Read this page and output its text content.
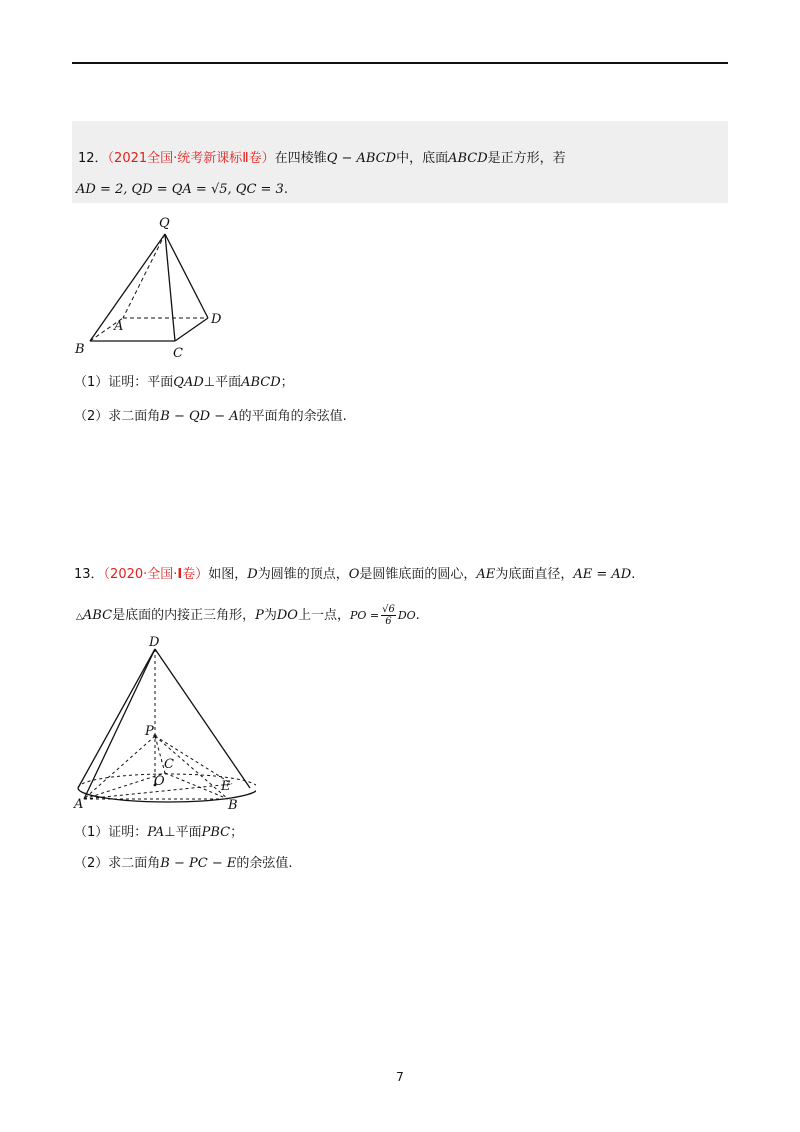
12．（2021全国·统考新课标Ⅱ卷）在四棱锥Q − ABCD中，底面ABCD是正方形，若
AD = 2, QD = QA = √5, QC = 3.
Q
A
B	C
D
（1）证明：平面QAD⊥平面ABCD；
（2）求二面角B − QD − A的平面角的余弦值.
13．（2020·全国·Ⅰ卷）如图，D为圆锥的顶点，O是圆锥底面的圆心，AE为底面直径，AE = AD.
△ABC是底面的内接正三角形，P为DO上一点，PO = $\frac{√6}{6}$ DO.
D
P
C
O
A
E
B
（1）证明：PA⊥平面PBC；
（2）求二面角B − PC − E的余弦值.
7
